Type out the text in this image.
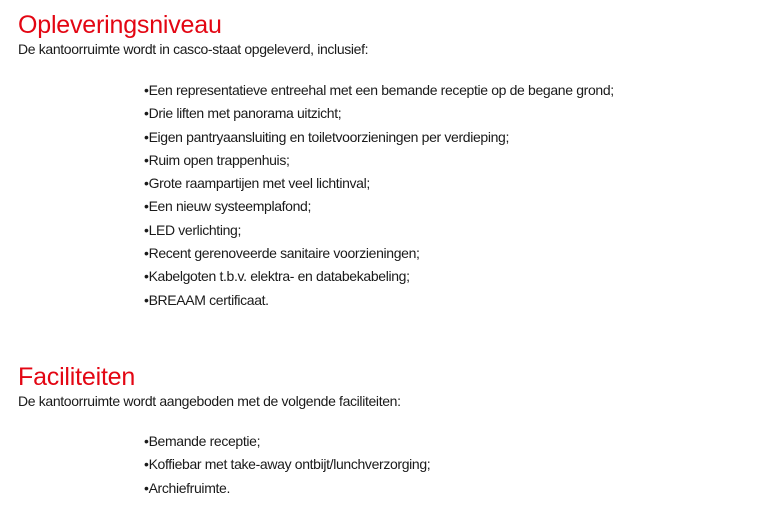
Opleveringsniveau

De kantoorruimte wordt in casco-staat opgeleverd, inclusief:

•Een representatieve entreehal met een bemande receptie op de begane grond;
•Drie liften met panorama uitzicht;
•Eigen pantryaansluiting en toiletvoorzieningen per verdieping;
•Ruim open trappenhuis;
•Grote raampartijen met veel lichtinval;
•Een nieuw systeemplafond;
•LED verlichting;
•Recent gerenoveerde sanitaire voorzieningen;
•Kabelgoten t.b.v. elektra- en databekabeling;
•BREAAM certificaat.
Faciliteiten

De kantoorruimte wordt aangeboden met de volgende faciliteiten:

•Bemande receptie;
•Koffiebar met take-away ontbijt/lunchverzorging;
•Archiefruimte.
